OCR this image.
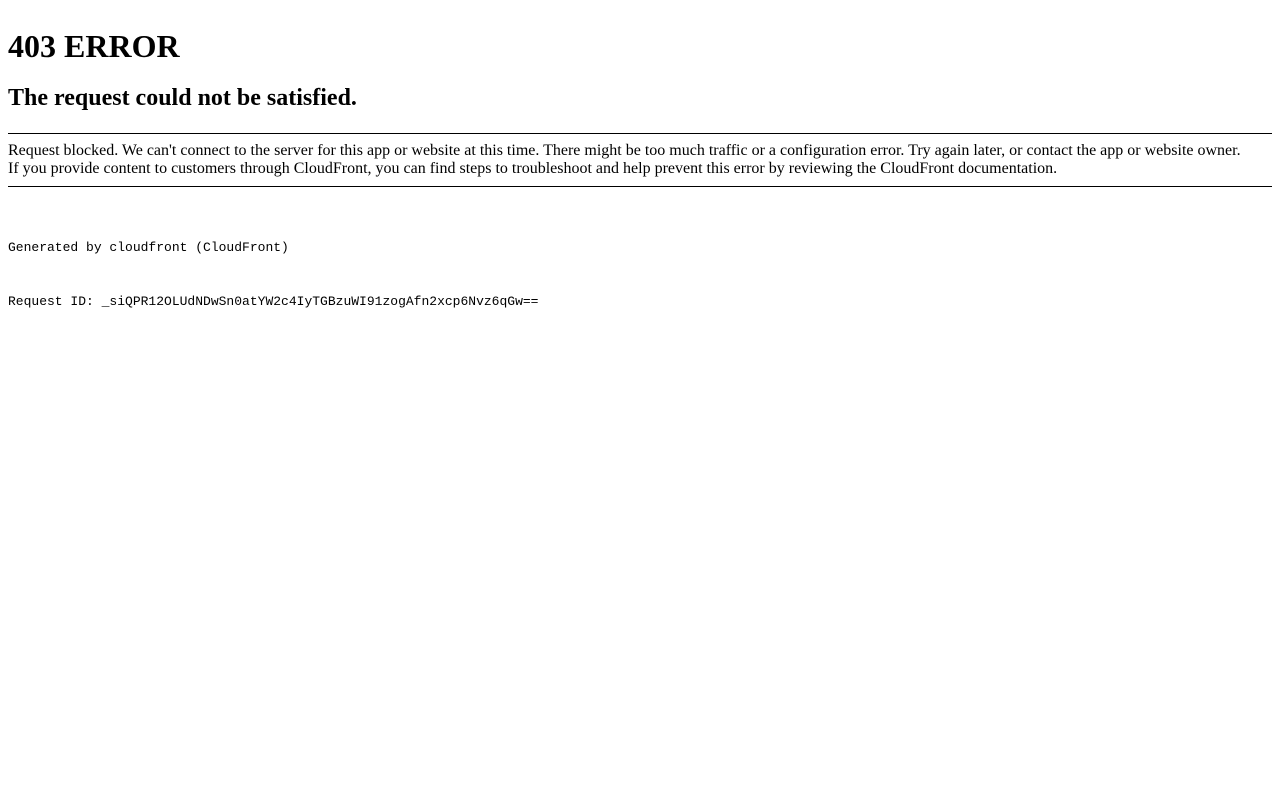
403 ERROR
The request could not be satisfied.
Request blocked. We can't connect to the server for this app or website at this time. There might be too much traffic or a configuration error. Try again later, or contact the app or website owner.
If you provide content to customers through CloudFront, you can find steps to troubleshoot and help prevent this error by reviewing the CloudFront documentation.

Generated by cloudfront (CloudFront)

Request ID: _siQPR12OLUdNDwSn0atYW2c4IyTGBzuWI91zogAfn2xcp6Nvz6qGw==
